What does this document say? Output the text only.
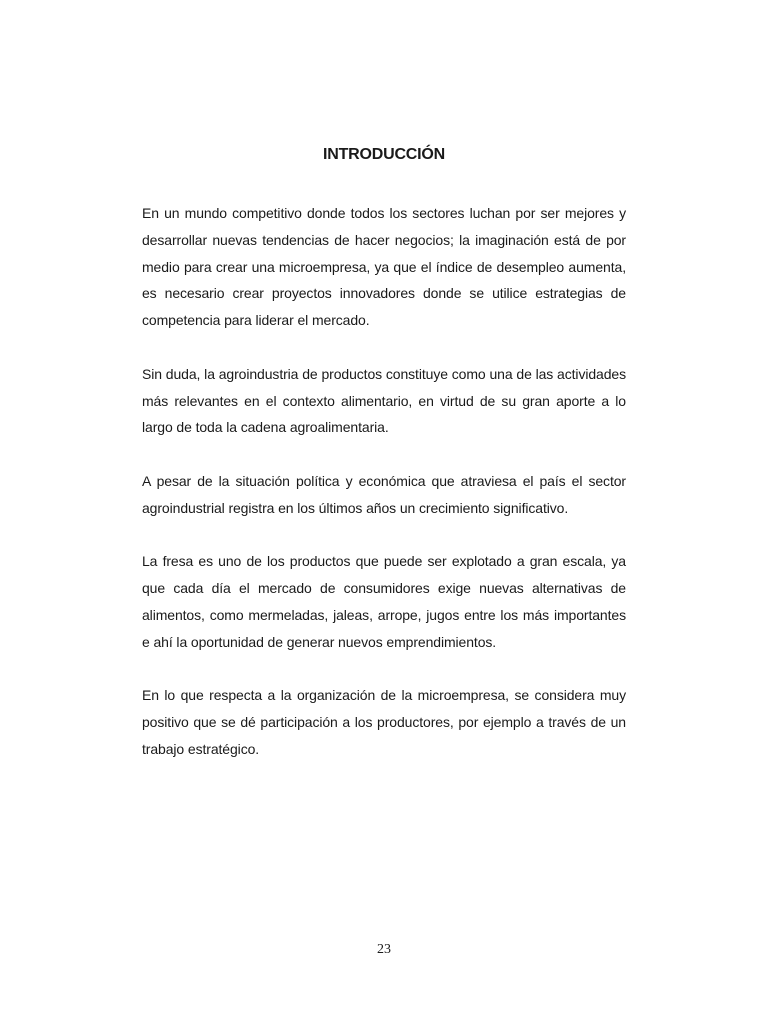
INTRODUCCIÓN

En un mundo competitivo donde todos los sectores luchan por ser mejores y desarrollar nuevas tendencias de hacer negocios; la imaginación está de por medio para crear una microempresa, ya que el índice de desempleo aumenta, es necesario crear proyectos innovadores donde se utilice estrategias de competencia para liderar el mercado.

Sin duda, la agroindustria de productos constituye como una de las actividades más relevantes en el contexto alimentario, en virtud de su gran aporte a lo largo de toda la cadena agroalimentaria.

A pesar de la situación política y económica que atraviesa el país el sector agroindustrial registra en los últimos años un crecimiento significativo.

La fresa es uno de los productos que puede ser explotado a gran escala, ya que cada día el mercado de consumidores exige nuevas alternativas de alimentos, como mermeladas, jaleas, arrope, jugos entre los más importantes e ahí la oportunidad de generar nuevos emprendimientos.

En lo que respecta a la organización de la microempresa, se considera muy positivo que se dé participación a los productores, por ejemplo a través de un trabajo estratégico.

23
